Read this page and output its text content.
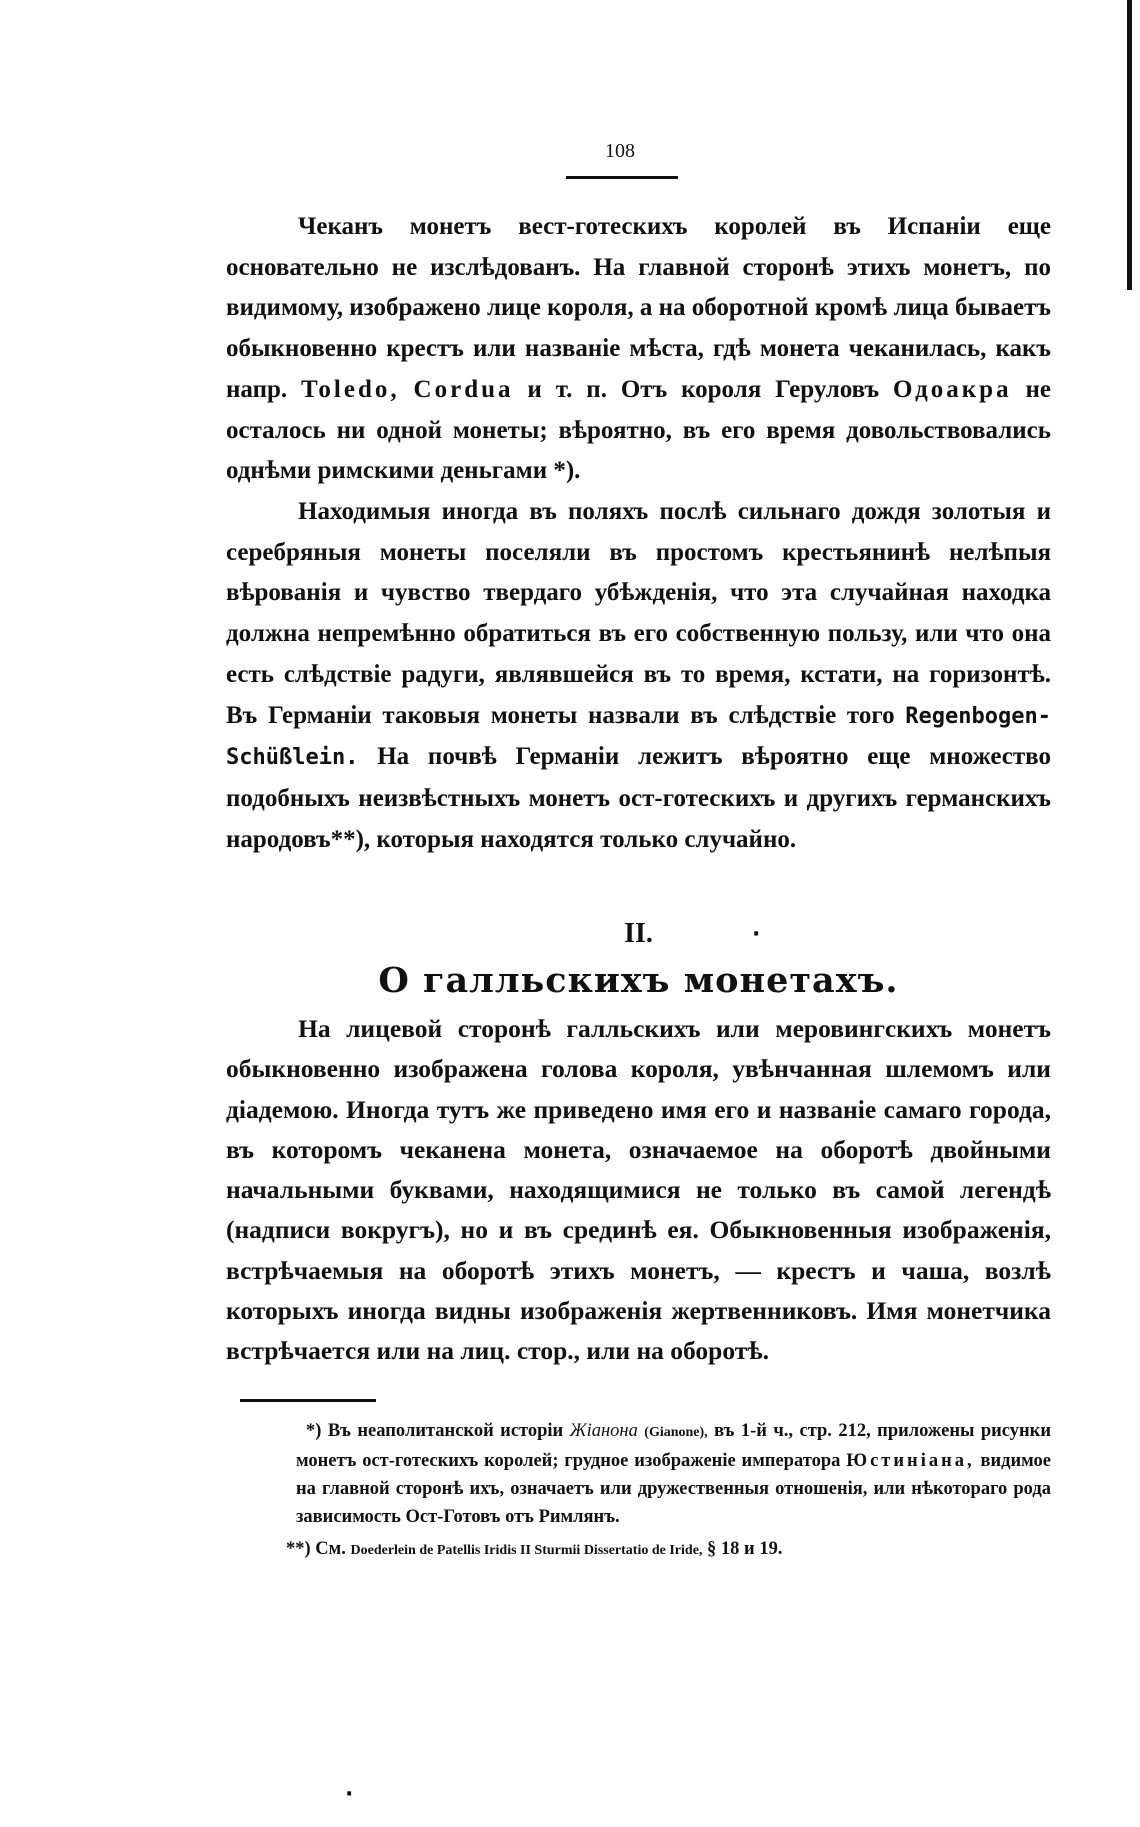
108

Чеканъ монетъ вест-готескихъ королей въ Испаніи еще основательно не изслѣдованъ. На главной сторонѣ этихъ монетъ, по видимому, изображено лице короля, а на оборотной кромѣ лица бываетъ обыкновенно крестъ или названіе мѣста, гдѣ монета чеканилась, какъ напр. Toledo, Cordua и т. п. Отъ короля Геруловъ Одоакра не осталось ни одной монеты; вѣроятно, въ его время довольствовались однѣми римскими деньгами *).

Находимыя иногда въ поляхъ послѣ сильнаго дождя золотыя и серебряныя монеты поселяли въ простомъ крестьянинѣ нелѣпыя вѣрованія и чувство твердаго убѣжденія, что эта случайная находка должна непремѣнно обратиться въ его собственную пользу, или что она есть слѣдствіе радуги, являвшейся въ то время, кстати, на горизонтѣ. Въ Германіи таковыя монеты назвали въ слѣдствіе того Regenbogen-Schüßlein. На почвѣ Германіи лежитъ вѣроятно еще множество подобныхъ неизвѣстныхъ монетъ ост-готескихъ и другихъ германскихъ народовъ**), которыя находятся только случайно.

II.
О галльскихъ монетахъ.

На лицевой сторонѣ галльскихъ или меровингскихъ монетъ обыкновенно изображена голова короля, увѣнчанная шлемомъ или діадемою. Иногда тутъ же приведено имя его и названіе самаго города, въ которомъ чеканена монета, означаемое на оборотѣ двойными начальными буквами, находящимися не только въ самой легендѣ (надписи вокругъ), но и въ срединѣ ея. Обыкновенныя изображенія, встрѣчаемыя на оборотѣ этихъ монетъ, — крестъ и чаша, возлѣ которыхъ иногда видны изображенія жертвенниковъ. Имя монетчика встрѣчается или на лиц. стор., или на оборотѣ.

*) Въ неаполитанской исторіи Жiанона (Gianone), въ 1-й ч., стр. 212, приложены рисунки монетъ ост-готескихъ королей; грудное изображеніе императора Юстиніана, видимое на главной сторонѣ ихъ, означаетъ или дружественныя отношенія, или нѣкотораго рода зависимость Ост-Готовъ отъ Римлянъ.

**) См. Doederlein de Patellis Iridis II Sturmii Dissertatio de Iride, § 18 и 19.

·
·
